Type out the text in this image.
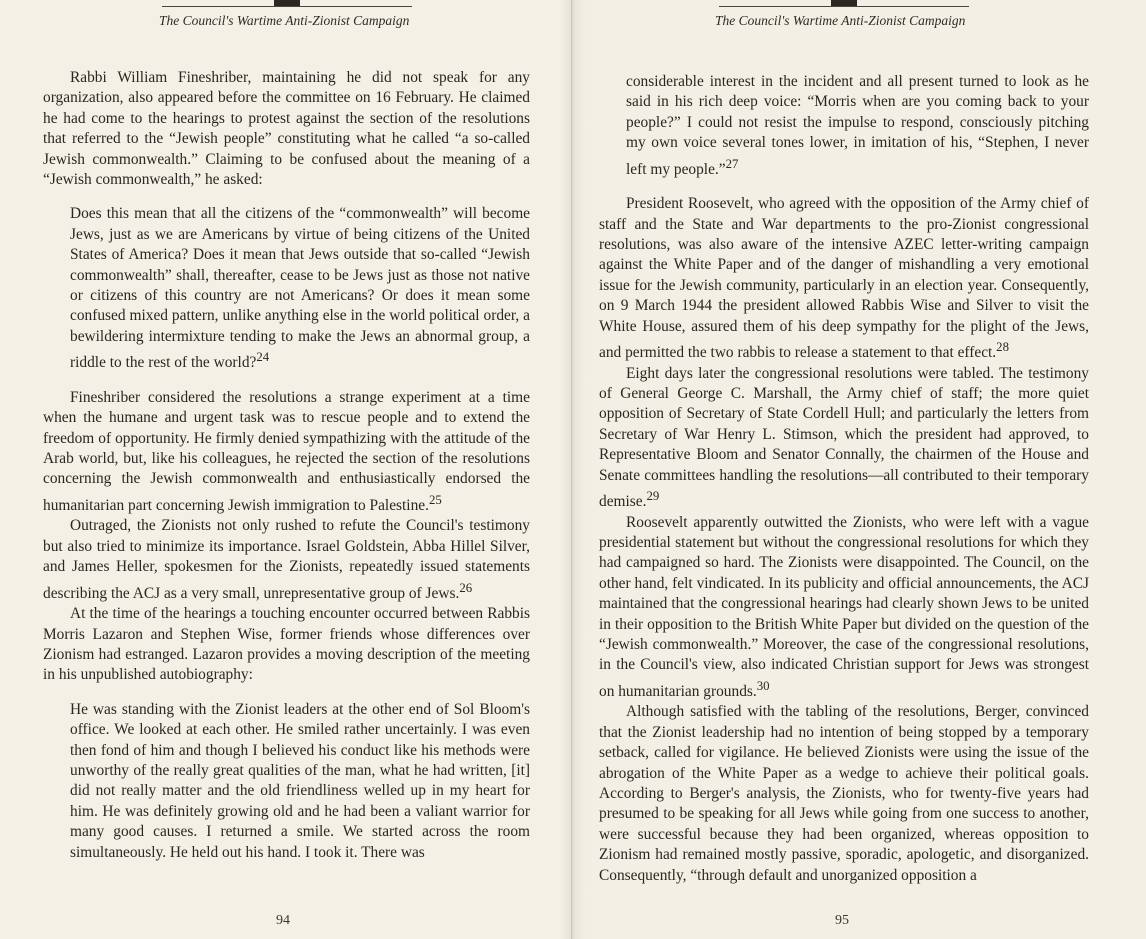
The Council's Wartime Anti-Zionist Campaign

Rabbi William Fineshriber, maintaining he did not speak for any organization, also appeared before the committee on 16 February. He claimed he had come to the hearings to protest against the section of the resolutions that referred to the “Jewish people” constituting what he called “a so-called Jewish commonwealth.” Claiming to be confused about the meaning of a “Jewish commonwealth,” he asked:

Does this mean that all the citizens of the “commonwealth” will become Jews, just as we are Americans by virtue of being citizens of the United States of America? Does it mean that Jews outside that so-called “Jewish commonwealth” shall, thereafter, cease to be Jews just as those not native or citizens of this country are not Americans? Or does it mean some confused mixed pattern, unlike anything else in the world political order, a bewildering intermixture tending to make the Jews an abnormal group, a riddle to the rest of the world?$^{24}$

Fineshriber considered the resolutions a strange experiment at a time when the humane and urgent task was to rescue people and to extend the freedom of opportunity. He firmly denied sympathizing with the attitude of the Arab world, but, like his colleagues, he rejected the section of the resolutions concerning the Jewish commonwealth and enthusiastically endorsed the humanitarian part concerning Jewish immigration to Palestine.$^{25}$

Outraged, the Zionists not only rushed to refute the Council's testimony but also tried to minimize its importance. Israel Goldstein, Abba Hillel Silver, and James Heller, spokesmen for the Zionists, repeatedly issued statements describing the ACJ as a very small, unrepresentative group of Jews.$^{26}$

At the time of the hearings a touching encounter occurred between Rabbis Morris Lazaron and Stephen Wise, former friends whose differences over Zionism had estranged. Lazaron provides a moving description of the meeting in his unpublished autobiography:

He was standing with the Zionist leaders at the other end of Sol Bloom's office. We looked at each other. He smiled rather uncertainly. I was even then fond of him and though I believed his conduct like his methods were unworthy of the really great qualities of the man, what he had written, [it] did not really matter and the old friendliness welled up in my heart for him. He was definitely growing old and he had been a valiant warrior for many good causes. I returned a smile. We started across the room simultaneously. He held out his hand. I took it. There was
94
The Council's Wartime Anti-Zionist Campaign
considerable interest in the incident and all present turned to look as he said in his rich deep voice: “Morris when are you coming back to your people?” I could not resist the impulse to respond, consciously pitching my own voice several tones lower, in imitation of his, “Stephen, I never left my people.”$^{27}$

President Roosevelt, who agreed with the opposition of the Army chief of staff and the State and War departments to the pro-Zionist congressional resolutions, was also aware of the intensive AZEC letter-writing campaign against the White Paper and of the danger of mishandling a very emotional issue for the Jewish community, particularly in an election year. Consequently, on 9 March 1944 the president allowed Rabbis Wise and Silver to visit the White House, assured them of his deep sympathy for the plight of the Jews, and permitted the two rabbis to release a statement to that effect.$^{28}$

Eight days later the congressional resolutions were tabled. The testimony of General George C. Marshall, the Army chief of staff; the more quiet opposition of Secretary of State Cordell Hull; and particularly the letters from Secretary of War Henry L. Stimson, which the president had approved, to Representative Bloom and Senator Connally, the chairmen of the House and Senate committees handling the resolutions—all contributed to their temporary demise.$^{29}$

Roosevelt apparently outwitted the Zionists, who were left with a vague presidential statement but without the congressional resolutions for which they had campaigned so hard. The Zionists were disappointed. The Council, on the other hand, felt vindicated. In its publicity and official announcements, the ACJ maintained that the congressional hearings had clearly shown Jews to be united in their opposition to the British White Paper but divided on the question of the “Jewish commonwealth.” Moreover, the case of the congressional resolutions, in the Council's view, also indicated Christian support for Jews was strongest on humanitarian grounds.$^{30}$

Although satisfied with the tabling of the resolutions, Berger, convinced that the Zionist leadership had no intention of being stopped by a temporary setback, called for vigilance. He believed Zionists were using the issue of the abrogation of the White Paper as a wedge to achieve their political goals. According to Berger's analysis, the Zionists, who for twenty-five years had presumed to be speaking for all Jews while going from one success to another, were successful because they had been organized, whereas opposition to Zionism had remained mostly passive, sporadic, apologetic, and disorganized. Consequently, “through default and unorganized opposition a

95
